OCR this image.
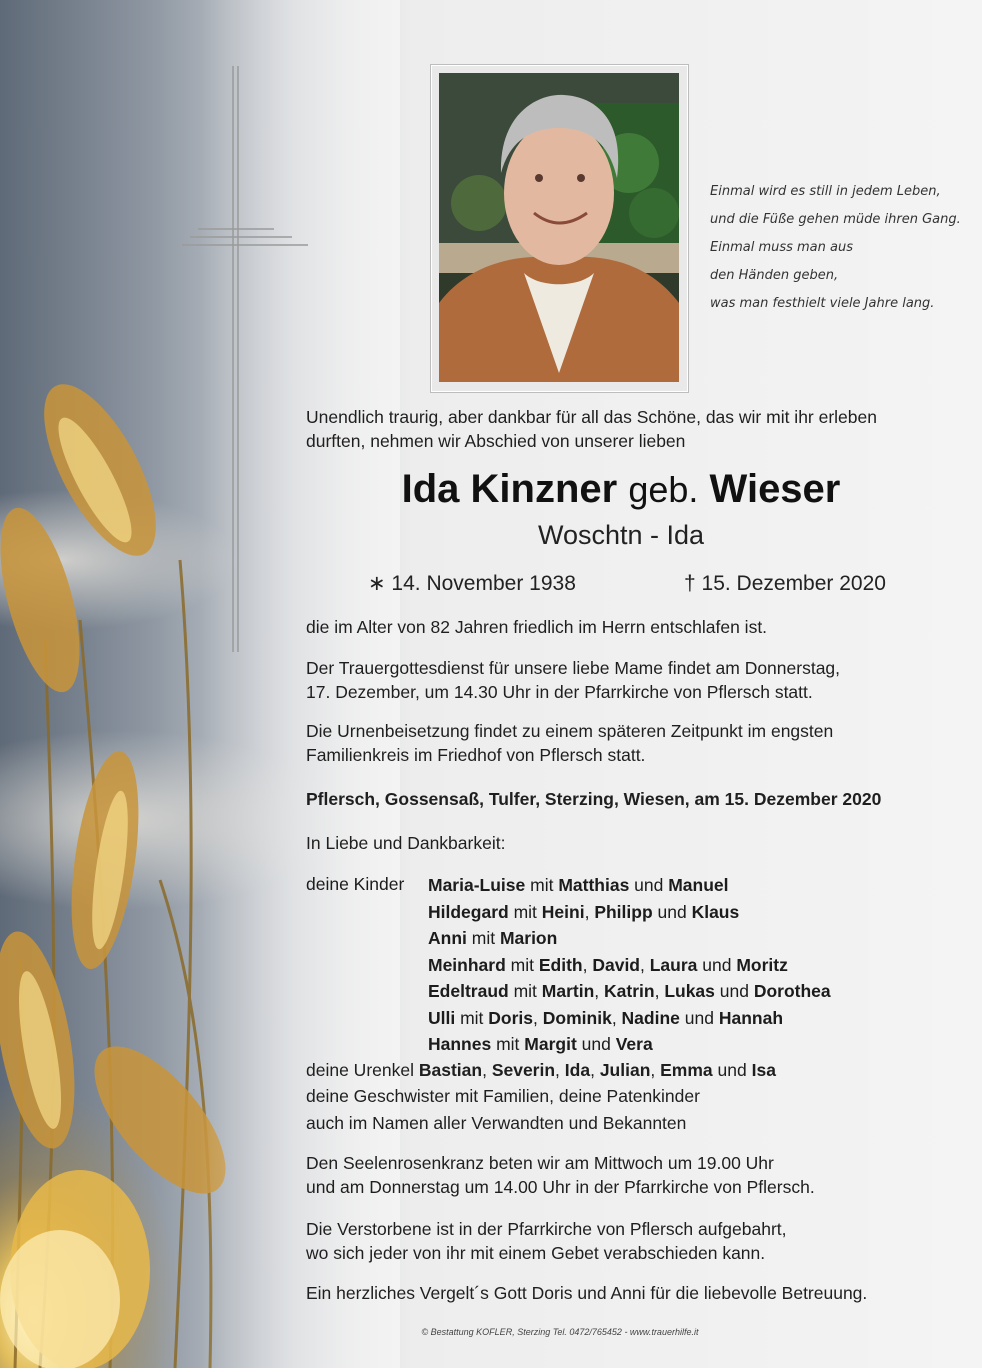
Einmal wird es still in jedem Leben,
und die Füße gehen müde ihren Gang.
Einmal muss man aus
den Händen geben,
was man festhielt viele Jahre lang.
Unendlich traurig, aber dankbar für all das Schöne, das wir mit ihr erleben
durften, nehmen wir Abschied von unserer lieben
Ida Kinzner geb. Wieser
Woschtn - Ida
∗ 14. November 1938	† 15. Dezember 2020
die im Alter von 82 Jahren friedlich im Herrn entschlafen ist.
Der Trauergottesdienst für unsere liebe Mame findet am Donnerstag,
17. Dezember, um 14.30 Uhr in der Pfarrkirche von Pflersch statt.
Die Urnenbeisetzung findet zu einem späteren Zeitpunkt im engsten
Familienkreis im Friedhof von Pflersch statt.
Pflersch, Gossensaß, Tulfer, Sterzing, Wiesen, am 15. Dezember 2020
In Liebe und Dankbarkeit:
deine Kinder Maria-Luise mit Matthias und Manuel
Hildegard mit Heini, Philipp und Klaus
Anni mit Marion
Meinhard mit Edith, David, Laura und Moritz
Edeltraud mit Martin, Katrin, Lukas und Dorothea
Ulli mit Doris, Dominik, Nadine und Hannah
Hannes mit Margit und Vera
deine Urenkel Bastian, Severin, Ida, Julian, Emma und Isa
deine Geschwister mit Familien, deine Patenkinder
auch im Namen aller Verwandten und Bekannten
Den Seelenrosenkranz beten wir am Mittwoch um 19.00 Uhr
und am Donnerstag um 14.00 Uhr in der Pfarrkirche von Pflersch.
Die Verstorbene ist in der Pfarrkirche von Pflersch aufgebahrt,
wo sich jeder von ihr mit einem Gebet verabschieden kann.
Ein herzliches Vergelt´s Gott Doris und Anni für die liebevolle Betreuung.
© Bestattung KOFLER, Sterzing Tel. 0472/765452 - www.trauerhilfe.it
